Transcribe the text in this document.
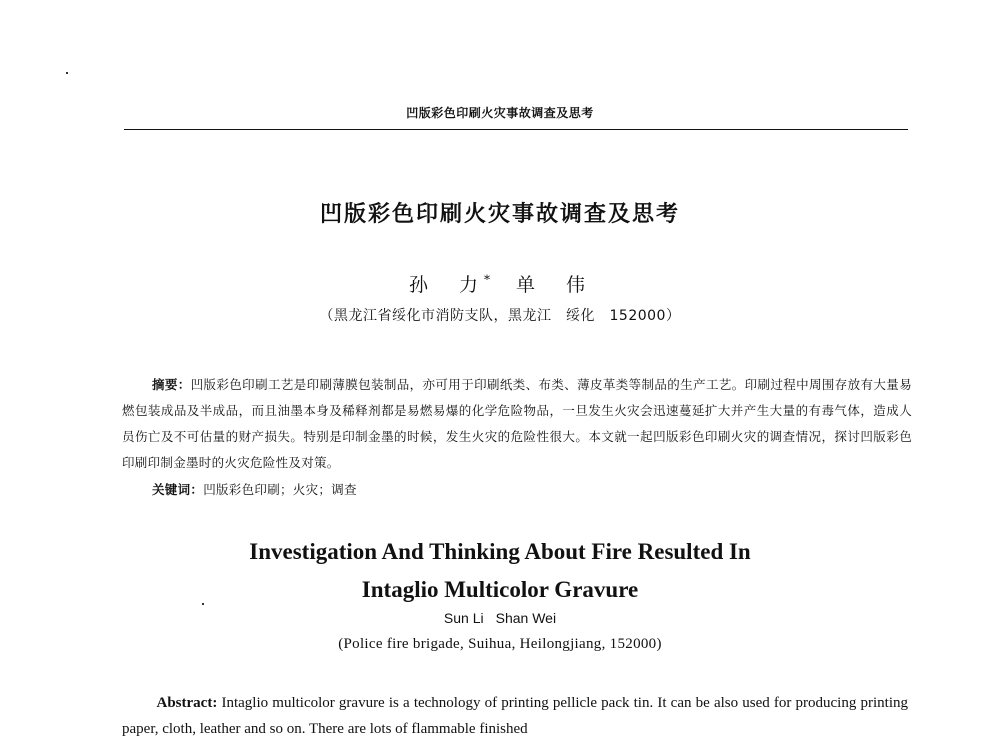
凹版彩色印刷火灾事故调查及思考
凹版彩色印刷火灾事故调查及思考
孙　力* 单　伟
（黑龙江省绥化市消防支队，黑龙江　绥化　152000）
摘要：凹版彩色印刷工艺是印刷薄膜包装制品，亦可用于印刷纸类、布类、薄皮革类等制品的生产工艺。印刷过程中周围存放有大量易燃包装成品及半成品，而且油墨本身及稀释剂都是易燃易爆的化学危险物品，一旦发生火灾会迅速蔓延扩大并产生大量的有毒气体，造成人员伤亡及不可估量的财产损失。特别是印制金墨的时候，发生火灾的危险性很大。本文就一起凹版彩色印刷火灾的调查情况，探讨凹版彩色印刷印制金墨时的火灾危险性及对策。
关键词：凹版彩色印刷；火灾；调查
Investigation And Thinking About Fire Resulted In
Intaglio Multicolor Gravure
Sun Li Shan Wei
(Police fire brigade, Suihua, Heilongjiang, 152000)
Abstract: Intaglio multicolor gravure is a technology of printing pellicle pack tin. It can be also used for producing printing paper, cloth, leather and so on. There are lots of flammable finished
